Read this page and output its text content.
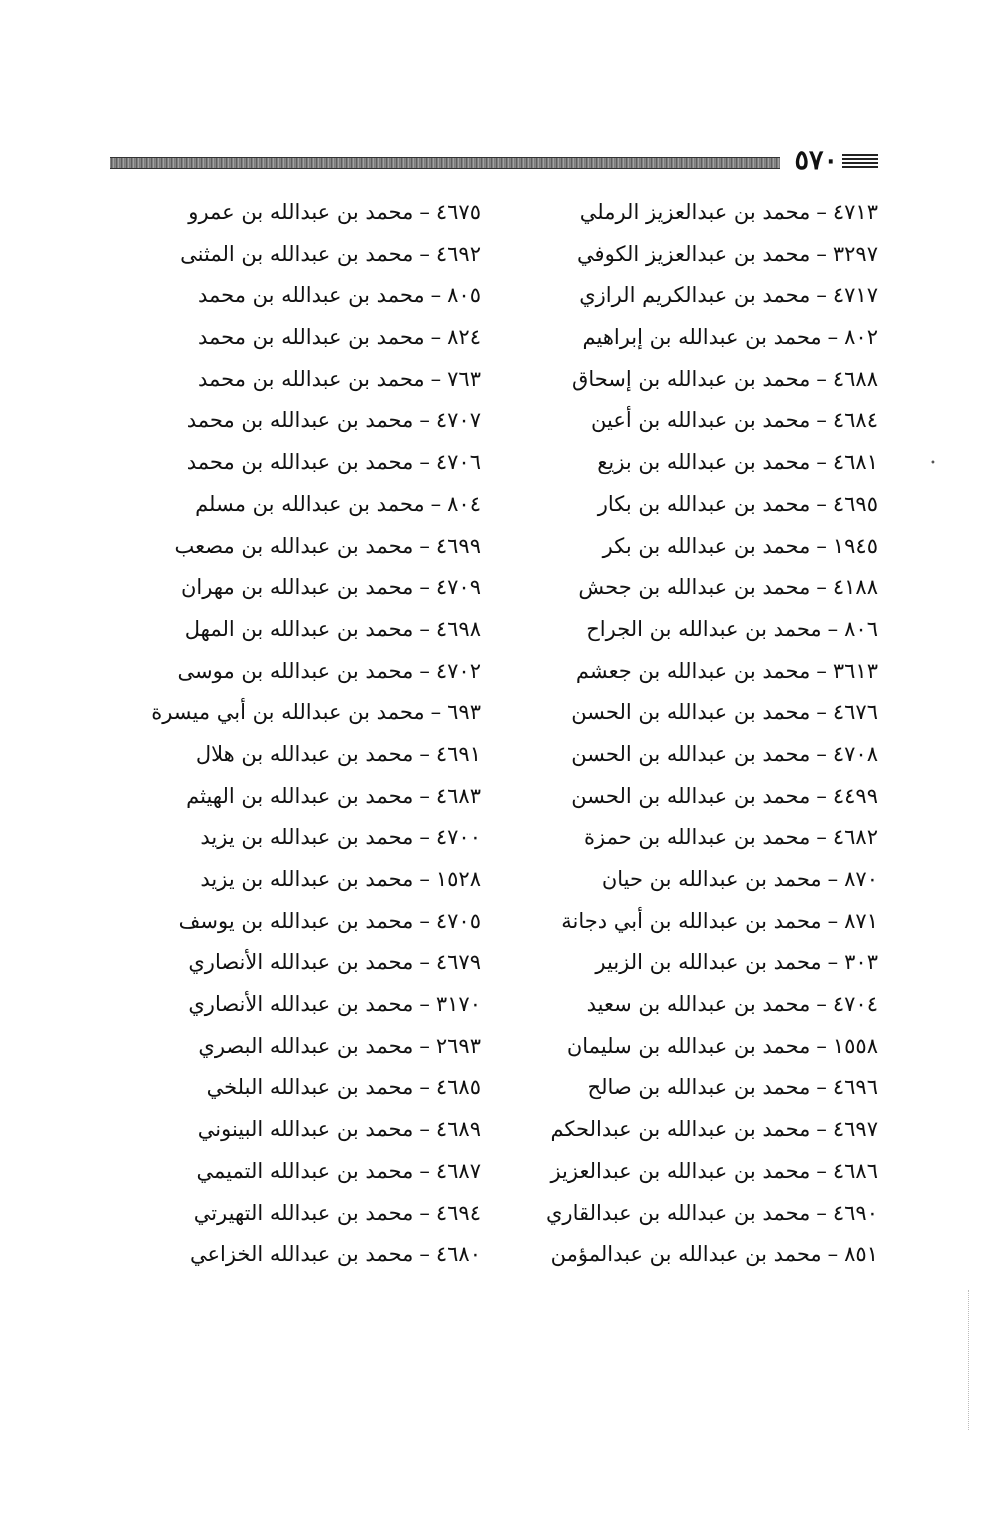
٥٧٠
٤٧١٣–محمد بن عبدالعزيز الرملي
٣٢٩٧–محمد بن عبدالعزيز الكوفي
٤٧١٧–محمد بن عبدالكريم الرازي
٨٠٢–محمد بن عبدالله بن إبراهيم
٤٦٨٨–محمد بن عبدالله بن إسحاق
٤٦٨٤–محمد بن عبدالله بن أعين
٤٦٨١–محمد بن عبدالله بن بزيع
٤٦٩٥–محمد بن عبدالله بن بكار
١٩٤٥–محمد بن عبدالله بن بكر
٤١٨٨–محمد بن عبدالله بن جحش
٨٠٦–محمد بن عبدالله بن الجراح
٣٦١٣–محمد بن عبدالله بن جعشم
٤٦٧٦–محمد بن عبدالله بن الحسن
٤٧٠٨–محمد بن عبدالله بن الحسن
٤٤٩٩–محمد بن عبدالله بن الحسن
٤٦٨٢–محمد بن عبدالله بن حمزة
٨٧٠–محمد بن عبدالله بن حيان
٨٧١–محمد بن عبدالله بن أبي دجانة
٣٠٣–محمد بن عبدالله بن الزبير
٤٧٠٤–محمد بن عبدالله بن سعيد
١٥٥٨–محمد بن عبدالله بن سليمان
٤٦٩٦–محمد بن عبدالله بن صالح
٤٦٩٧–محمد بن عبدالله بن عبدالحكم
٤٦٨٦–محمد بن عبدالله بن عبدالعزيز
٤٦٩٠–محمد بن عبدالله بن عبدالقاري
٨٥١–محمد بن عبدالله بن عبدالمؤمن
٤٦٧٥–محمد بن عبدالله بن عمرو
٤٦٩٢–محمد بن عبدالله بن المثنى
٨٠٥–محمد بن عبدالله بن محمد
٨٢٤–محمد بن عبدالله بن محمد
٧٦٣–محمد بن عبدالله بن محمد
٤٧٠٧–محمد بن عبدالله بن محمد
٤٧٠٦–محمد بن عبدالله بن محمد
٨٠٤–محمد بن عبدالله بن مسلم
٤٦٩٩–محمد بن عبدالله بن مصعب
٤٧٠٩–محمد بن عبدالله بن مهران
٤٦٩٨–محمد بن عبدالله بن المهل
٤٧٠٢–محمد بن عبدالله بن موسى
٦٩٣–محمد بن عبدالله بن أبي ميسرة
٤٦٩١–محمد بن عبدالله بن هلال
٤٦٨٣–محمد بن عبدالله بن الهيثم
٤٧٠٠–محمد بن عبدالله بن يزيد
١٥٢٨–محمد بن عبدالله بن يزيد
٤٧٠٥–محمد بن عبدالله بن يوسف
٤٦٧٩–محمد بن عبدالله الأنصاري
٣١٧٠–محمد بن عبدالله الأنصاري
٢٦٩٣–محمد بن عبدالله البصري
٤٦٨٥–محمد بن عبدالله البلخي
٤٦٨٩–محمد بن عبدالله البينوني
٤٦٨٧–محمد بن عبدالله التميمي
٤٦٩٤–محمد بن عبدالله التهيرتي
٤٦٨٠–محمد بن عبدالله الخزاعي
•
